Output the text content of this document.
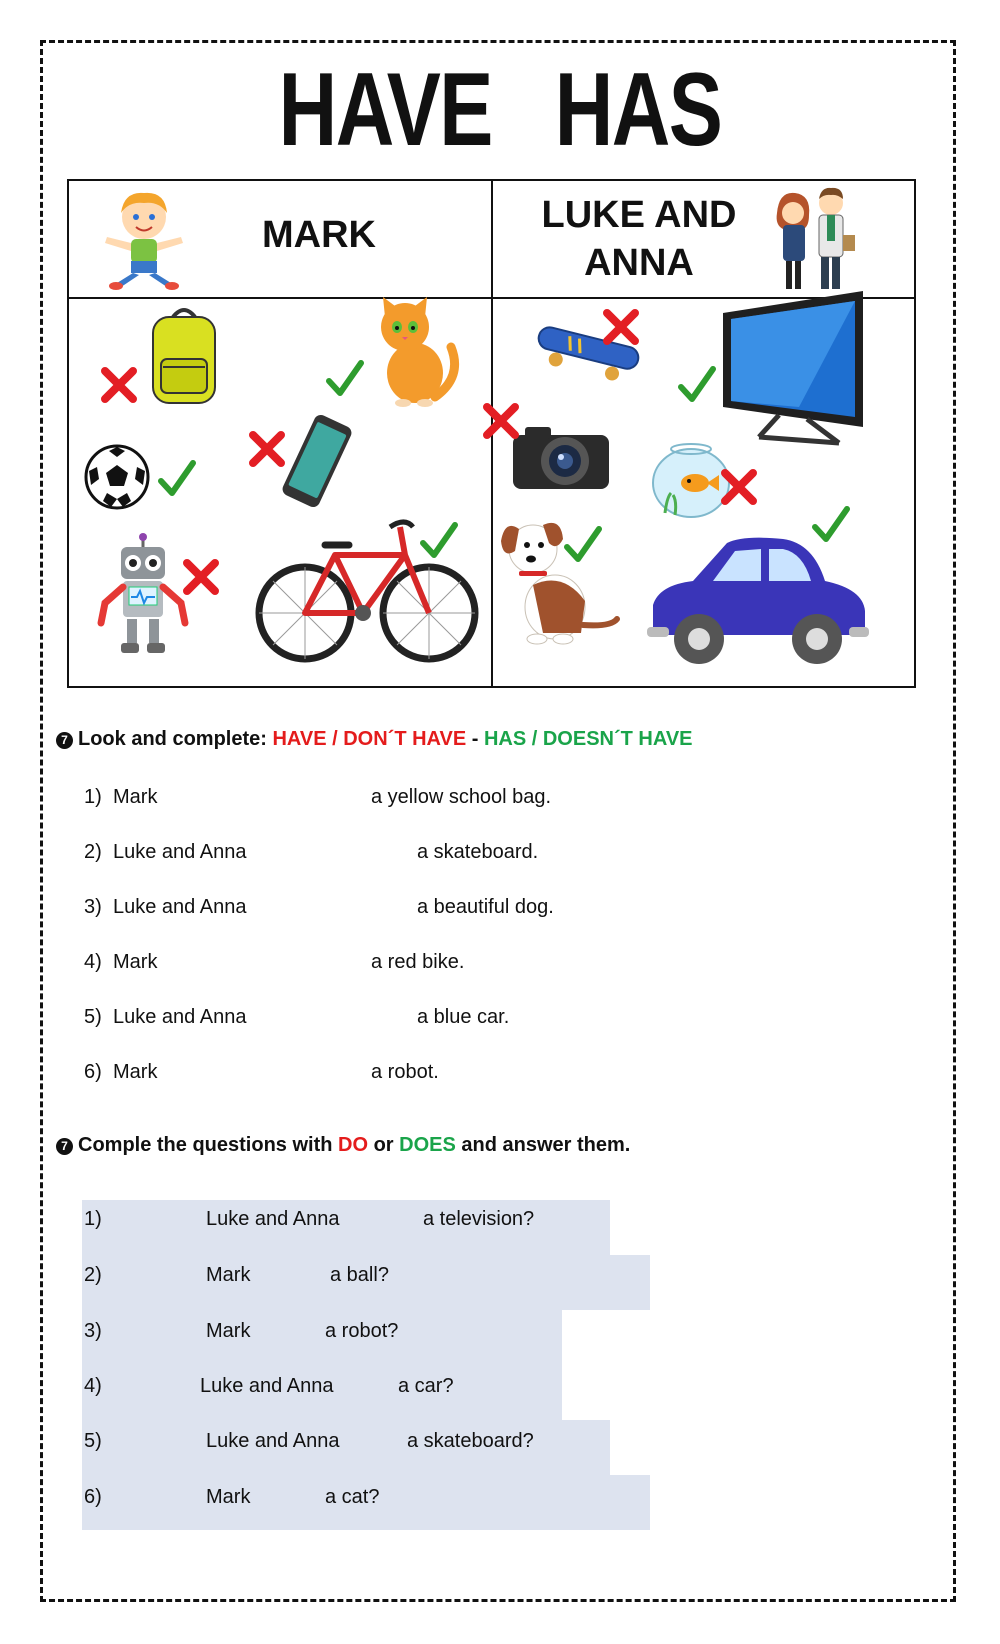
HAVE   HAS
MARK	LUKE AND
ANNA
7 Look and complete: HAVE / DON´T HAVE - HAS / DOESN´T HAVE
1) Mark	a yellow school bag.
2) Luke and Anna	a skateboard.
3) Luke and Anna	a beautiful dog.
4) Mark	a red bike.
5) Luke and Anna	a blue car.
6) Mark	a robot.
7 Comple the questions with DO or DOES and answer them.
1)	Luke and Anna	a television?
2)	Mark	a ball?
3)	Mark	a robot?
4)	Luke and Anna	a car?
5)	Luke and Anna	a skateboard?
6)	Mark	a cat?
